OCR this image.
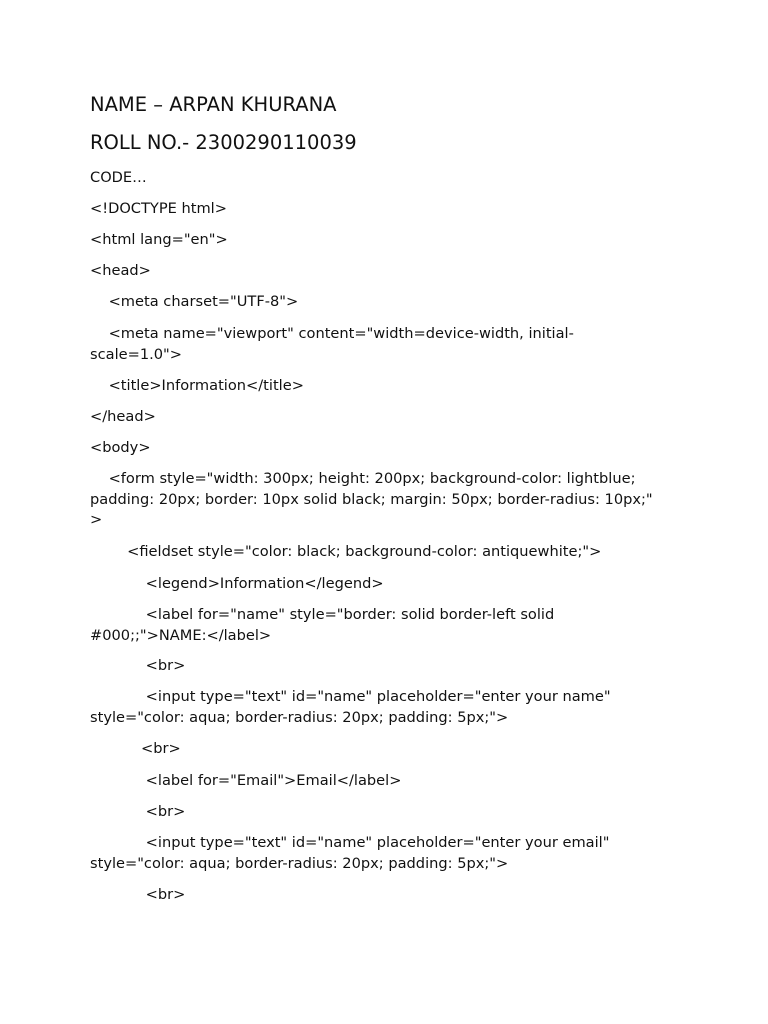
NAME – ARPAN KHURANA
ROLL NO.- 2300290110039
CODE…
<!DOCTYPE html>
<html lang="en">
<head>
<meta charset="UTF-8">
<meta name="viewport" content="width=device-width, initial-
scale=1.0">
<title>Information</title>
</head>
<body>
<form style="width: 300px; height: 200px; background-color: lightblue;
padding: 20px; border: 10px solid black; margin: 50px; border-radius: 10px;"
>
<fieldset style="color: black; background-color: antiquewhite;">
<legend>Information</legend>
<label for="name" style="border: solid border-left solid
#000;;">NAME:</label>
<br>
<input type="text" id="name" placeholder="enter your name"
style="color: aqua; border-radius: 20px; padding: 5px;">
<br>
<label for="Email">Email</label>
<br>
<input type="text" id="name" placeholder="enter your email"
style="color: aqua; border-radius: 20px; padding: 5px;">
<br>
